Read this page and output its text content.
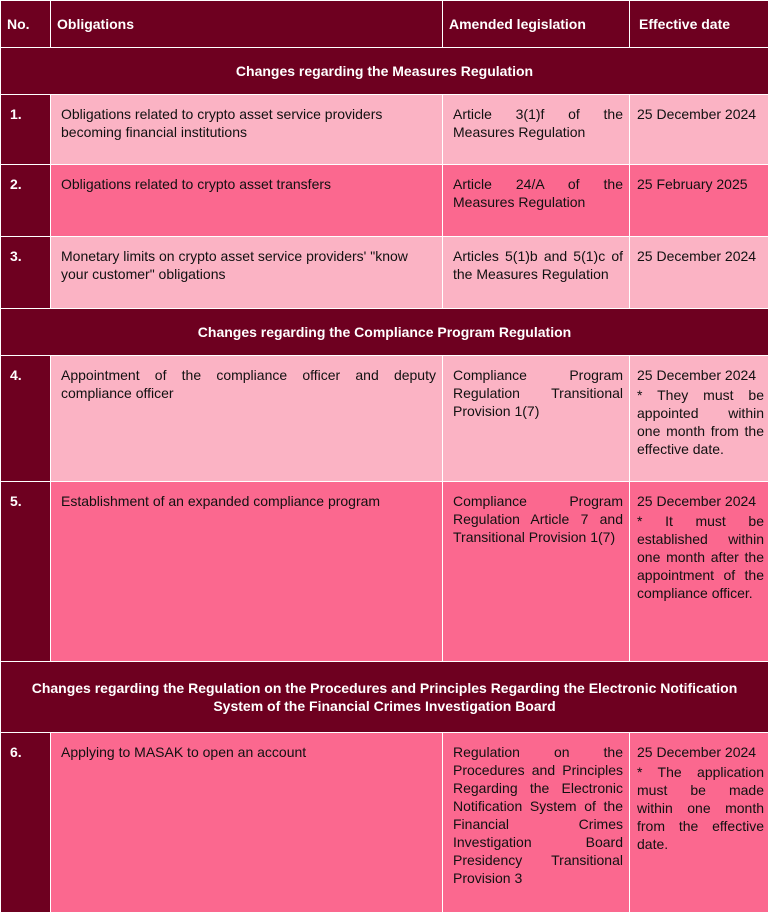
No.	Obligations	Amended legislation	Effective date
Changes regarding the Measures Regulation			
1.	Obligations related to crypto asset service providers becoming financial institutions	Article 3(1)f of the Measures Regulation	25 December 2024
2.	Obligations related to crypto asset transfers	Article 24/A of the Measures Regulation	25 February 2025
3.	Monetary limits on crypto asset service providers' "know your customer" obligations	Articles 5(1)b and 5(1)c of the Measures Regulation	25 December 2024
Changes regarding the Compliance Program Regulation			
4.	Appointment of the compliance officer and deputy compliance officer	Compliance Program Regulation Transitional Provision 1(7)	25 December 2024
* They must be appointed within one month from the effective date.

5.	Establishment of an expanded compliance program	Compliance Program Regulation Article 7 and Transitional Provision 1(7)	25 December 2024
* It must be established within one month after the appointment of the compliance officer.

Changes regarding the Regulation on the Procedures and Principles Regarding the Electronic Notification System of the Financial Crimes Investigation Board			
6.	Applying to MASAK to open an account	Regulation on the Procedures and Principles Regarding the Electronic Notification System of the Financial Crimes Investigation Board Presidency Transitional Provision 3	25 December 2024
* The application must be made within one month from the effective date.
